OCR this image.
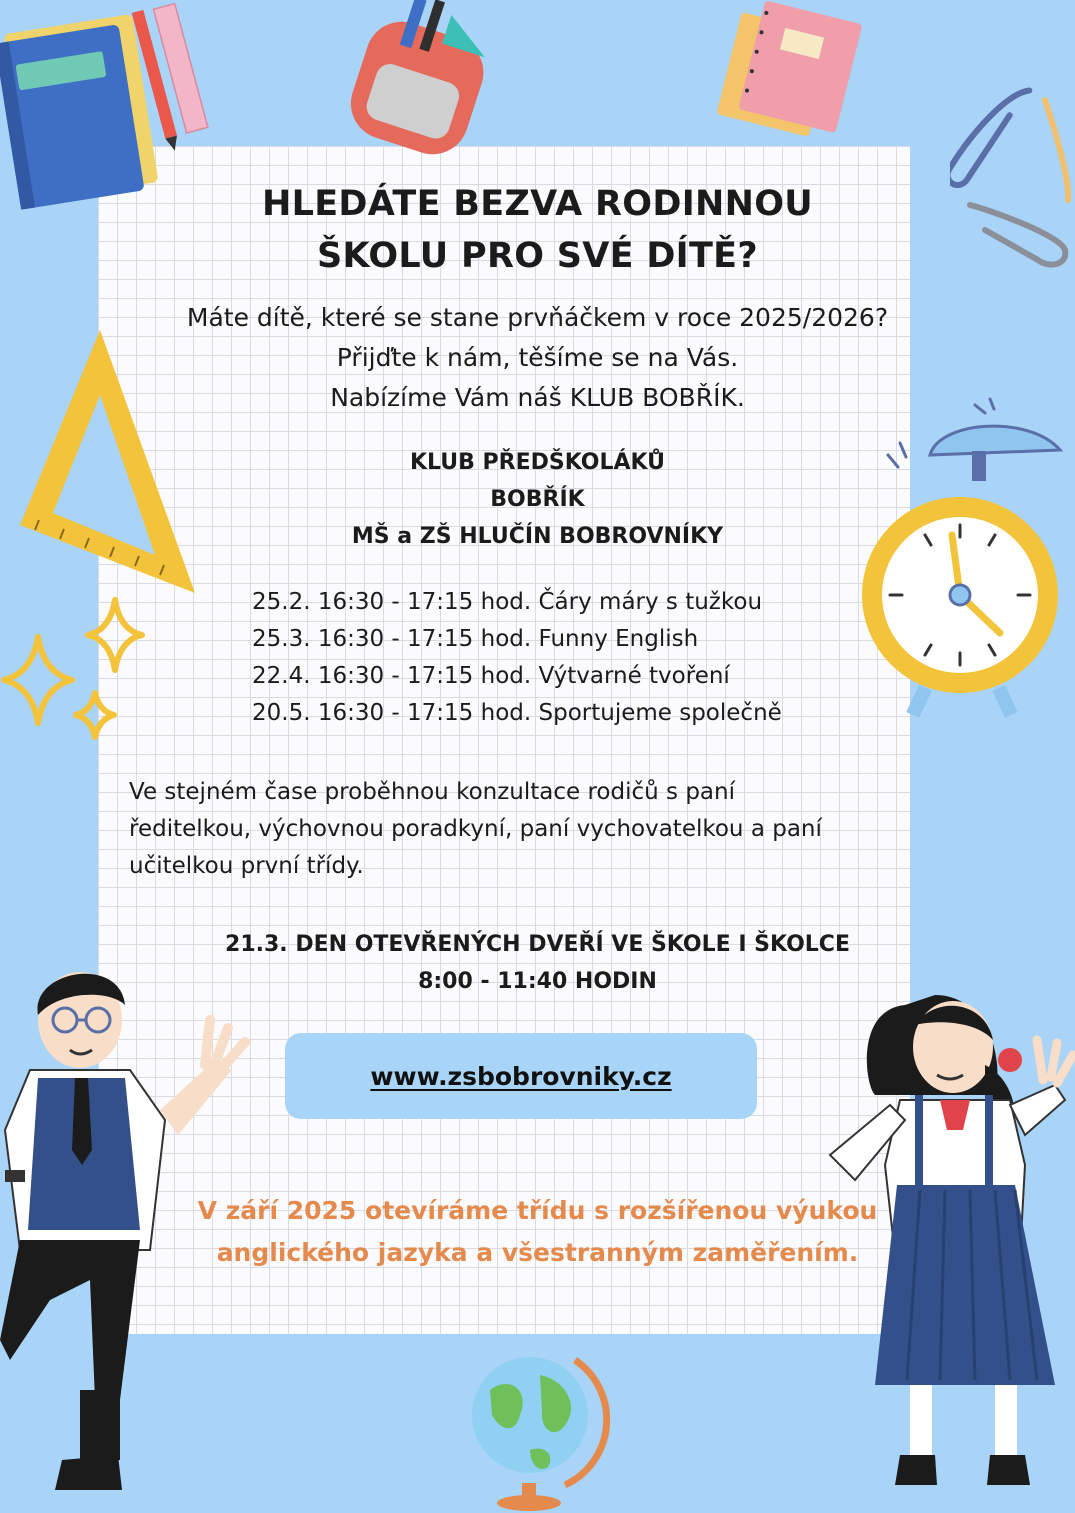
HLEDÁTE BEZVA RODINNOU
ŠKOLU PRO SVÉ DÍTĚ?
Máte dítě, které se stane prvňáčkem v roce 2025/2026?
Přijďte k nám, těšíme se na Vás.
Nabízíme Vám náš KLUB BOBŘÍK.
KLUB PŘEDŠKOLÁKŮ
BOBŘÍK
MŠ a ZŠ HLUČÍN BOBROVNÍKY
25.2. 16:30 - 17:15 hod. Čáry máry s tužkou
25.3. 16:30 - 17:15 hod. Funny English
22.4. 16:30 - 17:15 hod. Výtvarné tvoření
20.5. 16:30 - 17:15 hod. Sportujeme společně

Ve stejném čase proběhnou konzultace rodičů s paní
ředitelkou, výchovnou poradkyní, paní vychovatelkou a paní
učitelkou první třídy.

21.3. DEN OTEVŘENÝCH DVEŘÍ VE ŠKOLE I ŠKOLCE
8:00 - 11:40 HODIN
www.zsbobrovniky.cz
V září 2025 otevíráme třídu s rozšířenou výukou
anglického jazyka a všestranným zaměřením.
